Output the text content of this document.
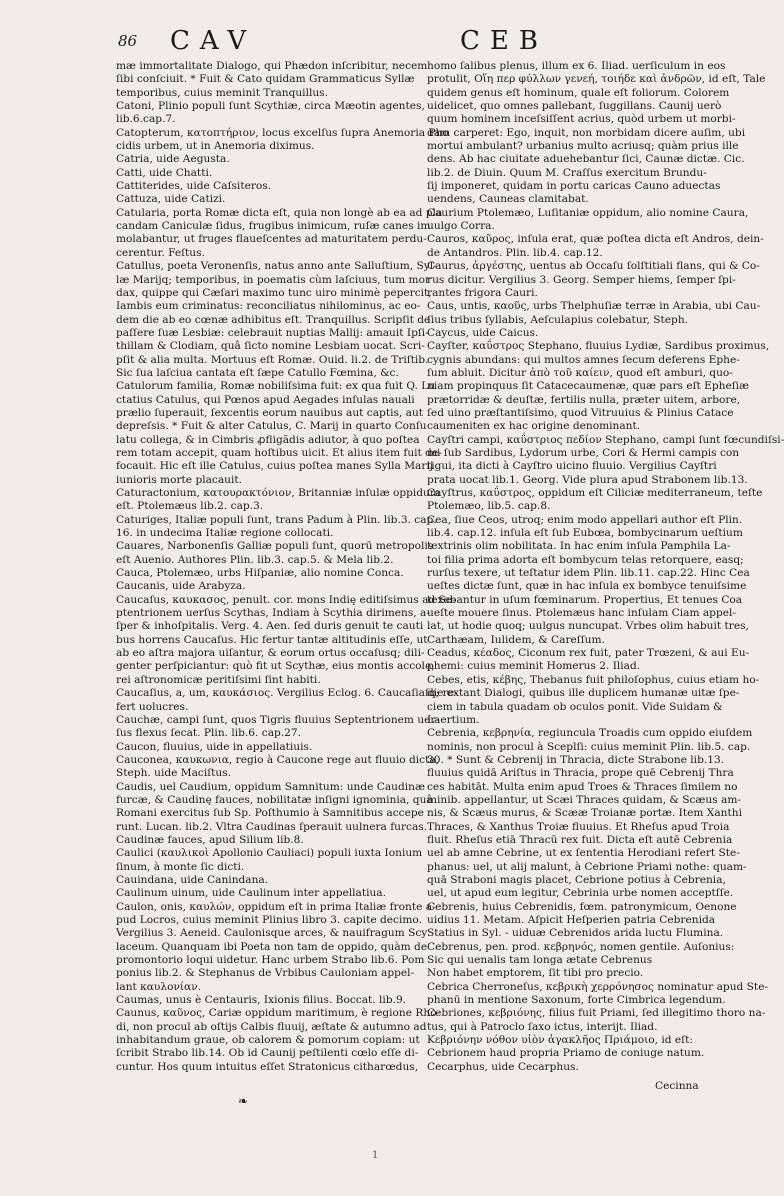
86 CAV	CEB
mæ immortalitate Dialogo, qui Phædon inſcribitur, necem
ſibi conſciuit. * Fuit & Cato quidam Grammaticus Syllæ
temporibus, cuius meminit Tranquillus.
Catoni, Plinio populi ſunt Scythiæ, circa Mæotin agentes,
lib.6.cap.7.
Catopterum, κατοπτήριον, locus excelſus ſupra Anemoria Pho
cidis urbem, ut in Anemoria diximus.
Catria, uide Aegusta.
Catti, uide Chatti.
Cattiterides, uide Caſsiteros.
Cattuza, uide Catizi.
Catularia, porta Romæ dicta eſt, quia non longè ab ea ad pla
candam Caniculæ ſidus, frugibus inimicum, ruſæ canes im
molabantur, ut fruges flaueſcentes ad maturitatem perdu-
cerentur. Feſtus.
Catullus, poeta Veronenſis, natus anno ante Salluſtium, Syl-
læ Marijq; temporibus, in poematis cùm laſciuus, tum mor
dax, quippe qui Cæſari maximo tunc uiro minimè pepercit,
Iambis eum criminatus: reconciliatus nihilominus, ac eo-
dem die ab eo cœnæ adhibitus eſt. Tranquillus. Scripſit de
paſſere ſuæ Lesbiæ: celebrauit nuptias Mallij: amauit Ipſi-
thillam & Clodiam, quâ ſicto nomine Lesbiam uocat. Scri-
pſit & alia multa. Mortuus eſt Romæ. Ouid. li.2. de Triſtib.
Sic ſua laſciua cantata eſt ſæpe Catullo Fœmina, &c.
Catulorum familia, Romæ nobiliſsima fuit: ex qua fuit Q. Lu
ctatius Catulus, qui Pœnos apud Aegades inſulas nauali
prælio ſuperauit, ſexcentis eorum nauibus aut captis, aut
depreſsis. * Fuit & alter Catulus, C. Marij in quarto Conſu
latu collega, & in Cimbris ꝓfligãdis adiutor, à quo poſtea
rem totam accepit, quam hoſtibus uicit. Et alius item fuit de-
focauit. Hic eſt ille Catulus, cuius poſtea manes Sylla Marij
iunioris morte placauit.
Caturactonium, κατουρακτόνιον, Britanniæ inſulæ oppidum
eſt. Ptolemæus lib.2. cap.3.
Caturiges, Italiæ populi ſunt, trans Padum à Plin. lib.3. cap.
16. in undecima Italiæ regione collocati.
Cauares, Narbonenſis Galliæ populi ſunt, quorū metropolis
eſt Auenio. Authores Plin. lib.3. cap.5. & Mela lib.2.
Cauca, Ptolemæo, urbs Hiſpaniæ, alio nomine Conca.
Caucanis, uide Arabyza.
Caucaſus, καυκασος, penult. cor. mons Indię editiſsimus ad Se-
ptentrionem uerſus Scythas, Indiam à Scythia dirimens, a-
ſper & inhoſpitalis. Verg. 4. Aen. ſed duris genuit te cauti
bus horrens Caucaſus. Hic fertur tantæ altitudinis eſſe, ut
ab eo aſtra majora uiſantur, & eorum ortus occaſusq; dili-
genter perſpiciantur: quò fit ut Scythæ, eius montis accolę,
rei aſtronomicæ peritiſsimi ſint habiti.
Caucaſius, a, um, καυκάσιος. Vergilius Eclog. 6. Caucaſiaſq; re-
fert uolucres.
Cauchæ, campi ſunt, quos Tigris fluuius Septentrionem uer-
ſus flexus ſecat. Plin. lib.6. cap.27.
Caucon, fluuius, uide in appellatiuis.
Cauconea, καυκωνια, regio à Caucone rege aut fluuio dicta,
Steph. uide Maciſtus.
Caudis, uel Caudium, oppidum Samnitum: unde Caudinæ
furcæ, & Caudinę fauces, nobilitatæ inſigni ignominia, quâ
Romani exercitus ſub Sp. Poſthumio à Samnitibus accepe
runt. Lucan. lib.2. Vltra Caudinas ſperauit uulnera furcas.
Caudinæ fauces, apud Silium lib.8.
Caulici (καυλικοὶ Apollonio Cauliaci) populi iuxta Ionium
ſinum, à monte ſic dicti.
Cauindana, uide Canindana.
Caulinum uinum, uide Caulinum inter appellatiua.
Caulon, onis, καυλών, oppidum eſt in prima Italiæ fronte a-
pud Locros, cuius meminit Plinius libro 3. capite decimo.
Vergilius 3. Aeneid. Caulonisque arces, & nauifragum Scy
laceum. Quanquam ibi Poeta non tam de oppido, quàm de
promontorio loqui uidetur. Hanc urbem Strabo lib.6. Pom
ponius lib.2. & Stephanus de Vrbibus Cauloniam appel-
lant καυλονίαν.
Caumas, unus è Centauris, Ixionis filius. Boccat. lib.9.
Caunus, καῦνος, Cariæ oppidum maritimum, è regione Rho-
di, non procul ab oſtijs Calbis fluuij, æſtate & autumno ad
inhabitandum graue, ob calorem & pomorum copiam: ut
ſcribit Strabo lib.14. Ob id Caunij peſtilenti cœlo eſſe di-
cuntur. Hos quum intuitus eſſet Stratonicus citharœdus,
homo ſalibus plenus, illum ex 6. Iliad. uerſiculum in eos
protulit, Οἵη περ φύλλων γενεή, τοιήδε καὶ ἀνδρῶν, id eſt, Tale
quidem genus eſt hominum, quale eſt foliorum. Colorem
uidelicet, quo omnes pallebant, ſuggillans. Caunij uerò
quum hominem inceſsiſſent acrius, quòd urbem ut morbi-
dam carperet: Ego, inquit, non morbidam dicere auſim, ubi
mortui ambulant? urbanius multo acriusq; quàm prius ille
dens. Ab hac ciuitate aduehebantur ſici, Caunæ dictæ. Cic.
lib.2. de Diuin. Quum M. Craſſus exercitum Brundu-
ſij imponeret, quidam in portu caricas Cauno aduectas
uendens, Cauneas clamitabat.
Caurium Ptolemæo, Luſitaniæ oppidum, alio nomine Caura,
uulgo Corra.
Cauros, καῦρος, inſula erat, quæ poſtea dicta eſt Andros, dein-
de Antandros. Plin. lib.4. cap.12.
Caurus, ἀργέστης, uentus ab Occaſu ſolſtitiali flans, qui & Co-
rus dicitur. Vergilius 3. Georg. Semper hiems, ſemper ſpi-
rantes frigora Cauri.
Caus, untis, καοῦς, urbs Thelphuſiæ terræ in Arabia, ubi Cau-
ſius tribus ſyllabis, Aeſculapius colebatur, Steph.
Caycus, uide Caicus.
Cayſter, καΰστρος Stephano, fluuius Lydiæ, Sardibus proximus,
cygnis abundans: qui multos amnes ſecum deferens Ephe-
ſum abluit. Dicitur ἀπὸ τοῦ καίειν, quod eſt amburi, quo-
niam propinquus ſit Catacecaumenæ, quæ pars eſt Epheſiæ
prætorridæ & deuſtæ, fertilis nulla, præter uitem, arbore,
ſed uino præſtantiſsimo, quod Vitruuius & Plinius Catace
caumeniten ex hac origine denominant.
Cayſtri campi, καΰστριος πεδίον Stephano, campi ſunt fœcundiſsi-
mi ſub Sardibus, Lydorum urbe, Cori & Hermi campis con
tigui, ita dicti à Cayſtro uicino fluuio. Vergilius Cayſtri
prata uocat lib.1. Georg. Vide plura apud Strabonem lib.13.
Cayſtrus, καΰστρος, oppidum eſt Ciliciæ mediterraneum, teſte
Ptolemæo, lib.5. cap.8.
Cea, ſiue Ceos, utroq; enim modo appellari author eſt Plin.
lib.4. cap.12. inſula eſt ſub Eubœa, bombycinarum ueſtium
textrinis olim nobilitata. In hac enim inſula Pamphila La-
toi filia prima adorta eſt bombycum telas retorquere, easq;
rurſus texere, ut teſtatur idem Plin. lib.11. cap.22. Hinc Cea
ueſtes dictæ ſunt, quæ in hac inſula ex bombyce tenuiſsime
texebantur in uſum fœminarum. Propertius, Et tenues Coa
ueſte mouere ſinus. Ptolemæus hanc inſulam Ciam appel-
lat, ut hodie quoq; uulgus nuncupat. Vrbes olim habuit tres,
Carthæam, Iulidem, & Careſſum.
Ceadus, κέαδος, Ciconum rex fuit, pater Trœzeni, & aui Eu-
phemi: cuius meminit Homerus 2. Iliad.
Cebes, etis, κέβης, Thebanus fuit philoſophus, cuius etiam ho-
die extant Dialogi, quibus ille duplicem humanæ uitæ ſpe-
ciem in tabula quadam ob oculos ponit. Vide Suidam &
Laertium.
Cebrenia, κεβρηνία, regiuncula Troadis cum oppido eiuſdem
nominis, non procul à Sceplſi: cuius meminit Plin. lib.5. cap.
30. * Sunt & Cebrenij in Thracia, dicte Strabone lib.13.
fluuius quidā Ariſtus in Thracia, prope quē Cebrenij Thra
ces habitāt. Multa enim apud Troes & Thraces ſimilem no
minib. appellantur, ut Scæi Thraces quidam, & Scæus am-
nis, & Scæus murus, & Scææ Troianæ portæ. Item Xanthi
Thraces, & Xanthus Troiæ fluuius. Et Rheſus apud Troia
fluit. Rheſus etiā Thracū rex fuit. Dicta eſt autē Cebrenia
uel ab amne Cebrine, ut ex ſententia Herodiani refert Ste-
phanus: uel, ut alij malunt, à Cebrione Priami nothe: quam-
quā Straboni magis placet, Cebrione potius à Cebrenia,
uel, ut apud eum legitur, Cebrinia urbe nomen acceptſſe.
Cebrenis, huius Cebrenidis, fœm. patronymicum, Oenone
uidius 11. Metam. Aſpicit Heſperien patria Cebrenida
Statius in Syl. - uiduæ Cebrenidos arida luctu Flumina.
Cebrenus, pen. prod. κεβρηνός, nomen gentile. Auſonius:
Sic qui uenalis tam longa ætate Cebrenus
Non habet emptorem, ſit tibi pro precio.
Cebrica Cherroneſus, κεβρικὴ χερρόνησος nominatur apud Ste-
phanū in mentione Saxonum, forte Cimbrica legendum.
Cebriones, κεβριόνης, filius fuit Priami, ſed illegitimo thoro na-
tus, qui à Patroclo ſaxo ictus, interijt. Iliad.
Κεβριόνην νόθον υἱὸν ἀγακλῆος Πριάμοιο, id eſt:
Cebrionem haud propria Priamo de coniuge natum.
Cecarphus, uide Cecarphus.
Cecinna
❧
1
